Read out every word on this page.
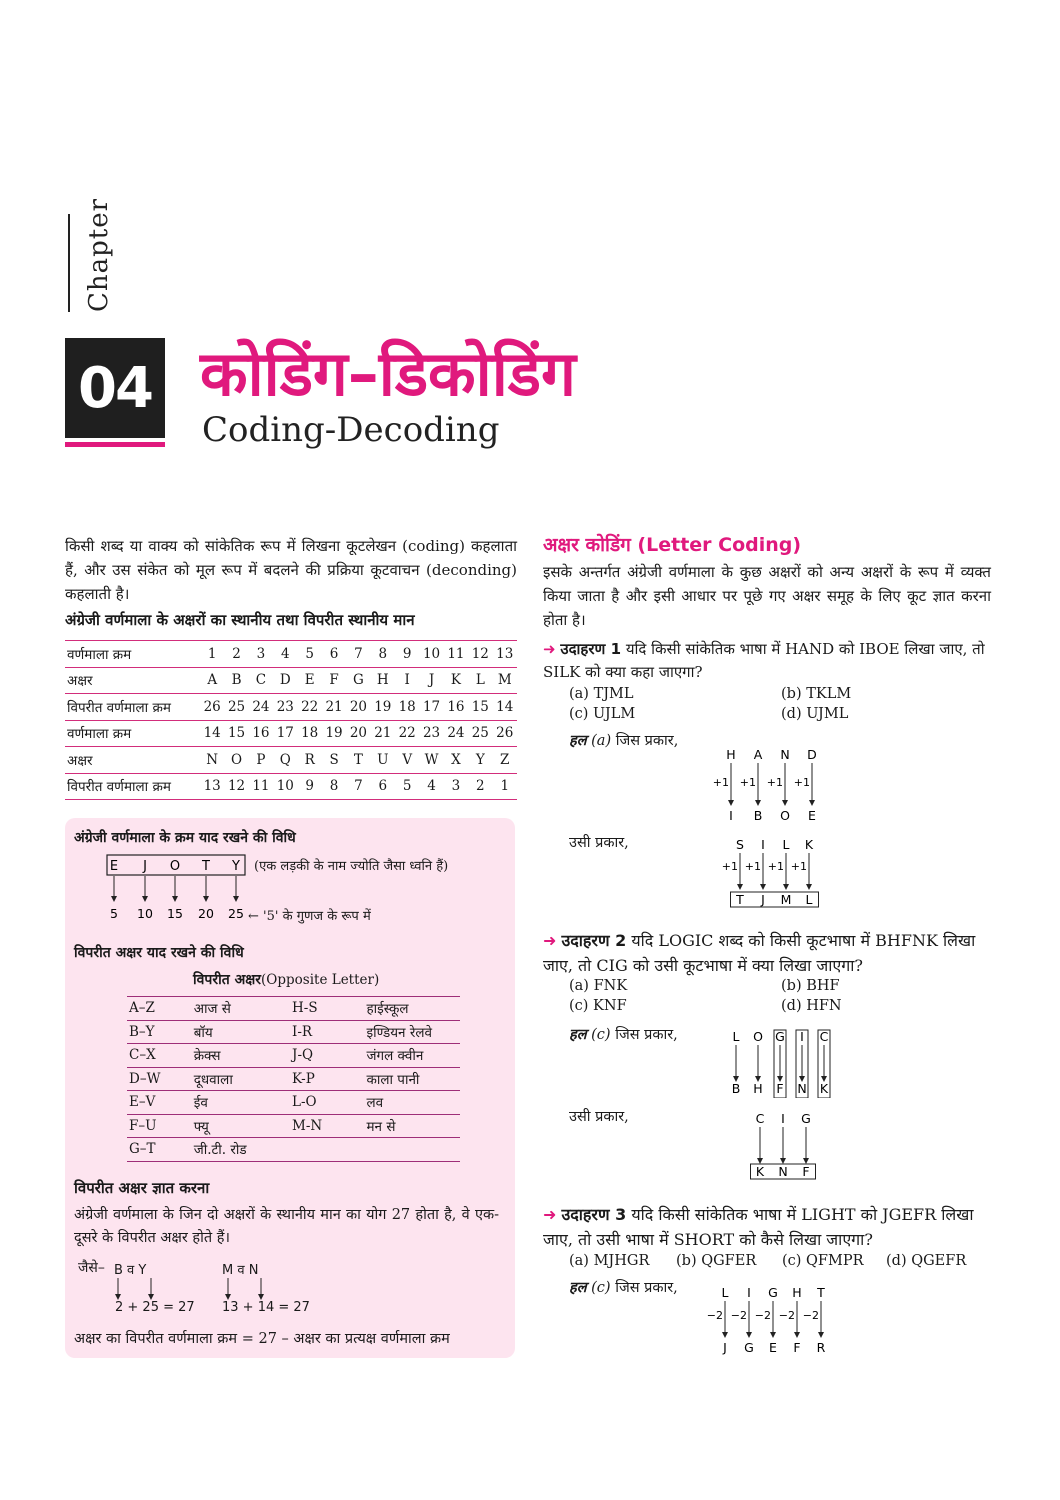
Chapter
04 कोडिंग–डिकोडिंग
Coding-Decoding
किसी शब्द या वाक्य को सांकेतिक रूप में लिखना कूटलेखन (coding) कहलाता हैं, और उस संकेत को मूल रूप में बदलने की प्रक्रिया कूटवाचन (deconding) कहलाती है।
अंग्रेजी वर्णमाला के अक्षरों का स्थानीय तथा विपरीत स्थानीय मान
वर्णमाला क्रम	1	2	3	4	5	6	7	8	9	10	11	12	13
अक्षर	A	B	C	D	E	F	G	H	I	J	K	L	M
विपरीत वर्णमाला क्रम	26	25	24	23	22	21	20	19	18	17	16	15	14
वर्णमाला क्रम	14	15	16	17	18	19	20	21	22	23	24	25	26
अक्षर	N	O	P	Q	R	S	T	U	V	W	X	Y	Z
विपरीत वर्णमाला क्रम	13	12	11	10	9	8	7	6	5	4	3	2	1
अंग्रेजी वर्णमाला के क्रम याद रखने की विधि
E J O T Y
5 10 15 20 25
(एक लड़की के नाम ज्योति जैसा ध्वनि हैं)
← '5' के गुणज के रूप में
विपरीत अक्षर याद रखने की विधि
विपरीत अक्षर(Opposite Letter)
A–Z	आज से	H-S	हाईस्कूल
B–Y	बॉय	I-R	इण्डियन रेलवे
C–X	क्रेक्स	J-Q	जंगल क्वीन
D–W	दूधवाला	K-P	काला पानी
E–V	ईव	L-O	लव
F–U	फ्यू	M-N	मन से
G–T	जी.टी. रोड		
विपरीत अक्षर ज्ञात करना
अंग्रेजी वर्णमाला के जिन दो अक्षरों के स्थानीय मान का योग 27 होता है, वे एक-दूसरे के विपरीत अक्षर होते हैं।
जैसे– B व Y
2 + 25 = 27
M व N
13 + 14 = 27
अक्षर का विपरीत वर्णमाला क्रम = 27 – अक्षर का प्रत्यक्ष वर्णमाला क्रम
अक्षर कोडिंग (Letter Coding)
इसके अन्तर्गत अंग्रेजी वर्णमाला के कुछ अक्षरों को अन्य अक्षरों के रूप में व्यक्त किया जाता है और इसी आधार पर पूछे गए अक्षर समूह के लिए कूट ज्ञात करना होता है।
➜ उदाहरण 1 यदि किसी सांकेतिक भाषा में HAND को IBOE लिखा जाए, तो SILK को क्या कहा जाएगा?
(a) TJML	(b) TKLM
(c) UJLM	(d) UJML
हल (a) जिस प्रकार,
H
+1
A
+1
N
+1
D
+1
I B O E
उसी प्रकार,	S
+1
I
+1
L
+1
K
+1
T J M L
➜ उदाहरण 2 यदि LOGIC शब्द को किसी कूटभाषा में BHFNK लिखा जाए, तो CIG को उसी कूटभाषा में क्या लिखा जाएगा?
(a) FNK	(b) BHF
(c) KNF	(d) HFN
हल (c) जिस प्रकार,	L O G I C
B H F N K
उसी प्रकार,	C I G
K N F
➜ उदाहरण 3 यदि किसी सांकेतिक भाषा में LIGHT को JGEFR लिखा जाए, तो उसी भाषा में SHORT को कैसे लिखा जाएगा?
(a) MJHGR (b) QGFER (c) QFMPR (d) QGEFR
हल (c) जिस प्रकार,	L
−2
I
−2
G
−2
H
−2
T
−2
J G E F R
